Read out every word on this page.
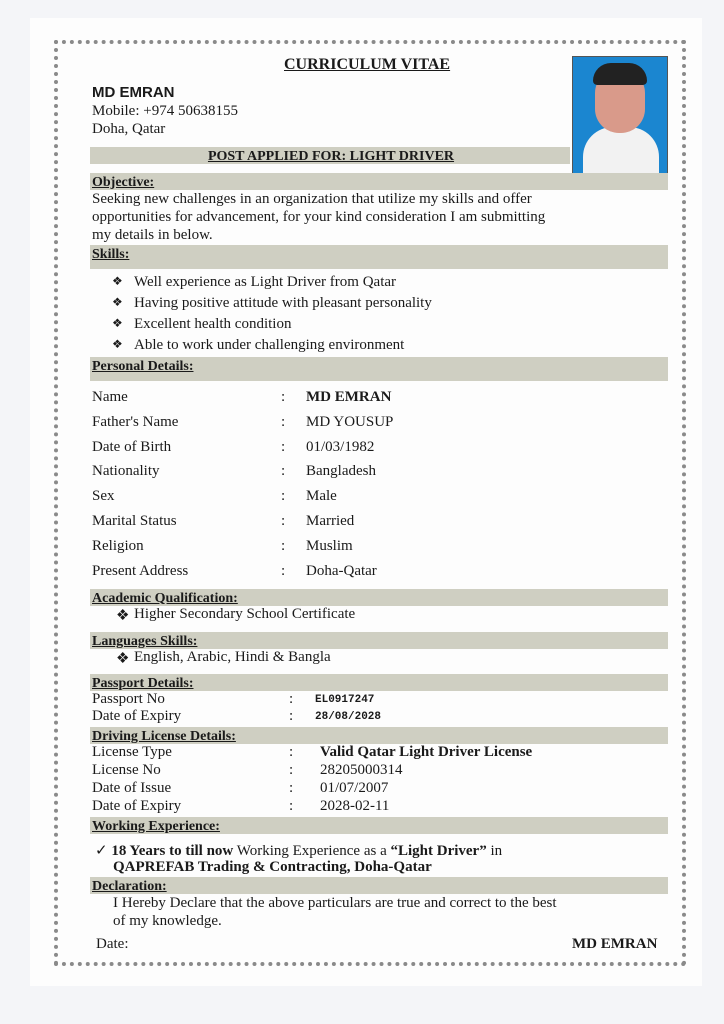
CURRICULUM VITAE
MD EMRAN
Mobile: +974 50638155
Doha, Qatar
POST APPLIED FOR: LIGHT DRIVER
Objective:
Seeking new challenges in an organization that utilize my skills and offer
opportunities for advancement, for your kind consideration I am submitting
my details in below.
Skills:
❖ Well experience as Light Driver from Qatar
❖ Having positive attitude with pleasant personality
❖ Excellent health condition
❖ Able to work under challenging environment
Personal Details:
Name	: MD EMRAN
Father's Name	: MD YOUSUP
Date of Birth	: 01/03/1982
Nationality	: Bangladesh
Sex	: Male
Marital Status	: Married
Religion	: Muslim
Present Address	: Doha-Qatar
Academic Qualification:
❖ Higher Secondary School Certificate
Languages Skills:
❖ English, Arabic, Hindi & Bangla
Passport Details:
Passport No	: EL0917247
Date of Expiry	: 28/08/2028
Driving License Details:
License Type	: Valid Qatar Light Driver License
License No	: 28205000314
Date of Issue	: 01/07/2007
Date of Expiry	: 2028-02-11
Working Experience:
✓ 18 Years to till now Working Experience as a “Light Driver” in
QAPREFAB Trading & Contracting, Doha-Qatar
Declaration:
I Hereby Declare that the above particulars are true and correct to the best
of my knowledge.
Date:	MD EMRAN
